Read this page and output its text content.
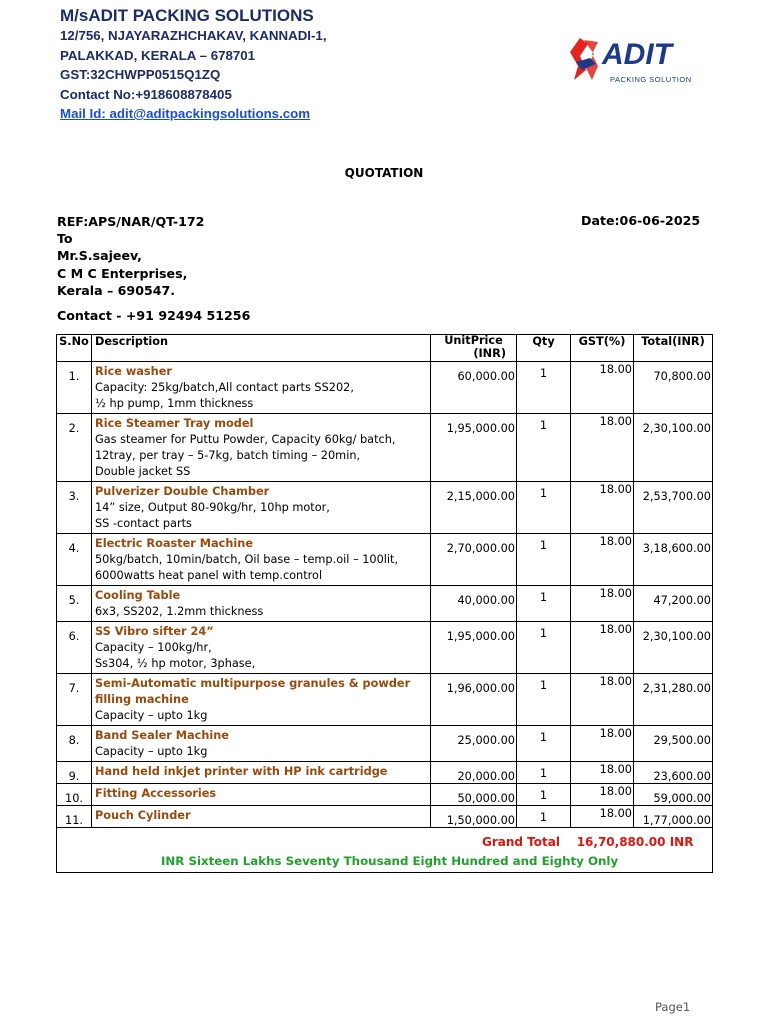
M/sADIT PACKING SOLUTIONS
12/756, NJAYARAZHCHAKAV, KANNADI-1,
PALAKKAD, KERALA – 678701
GST:32CHWPP0515Q1ZQ
Contact No:+918608878405
Mail Id: adit@aditpackingsolutions.com
ADIT
PACKING SOLUTION
QUOTATION
REF:APS/NAR/QT-172
To
Mr.S.sajeev,
C M C Enterprises,
Kerala – 690547.
Date:06-06-2025
Contact - +91 92494 51256
S.No	Description	UnitPrice
(INR)	Qty	GST(%)	Total(INR)
1.	Rice washer
Capacity: 25kg/batch,All contact parts SS202,
½ hp pump, 1mm thickness	60,000.00	1	18.00	70,800.00
2.	Rice Steamer Tray model
Gas steamer for Puttu Powder, Capacity 60kg/ batch,
12tray, per tray – 5-7kg, batch timing – 20min,
Double jacket SS	1,95,000.00	1	18.00	2,30,100.00
3.	Pulverizer Double Chamber
14” size, Output 80-90kg/hr, 10hp motor,
SS -contact parts	2,15,000.00	1	18.00	2,53,700.00
4.	Electric Roaster Machine
50kg/batch, 10min/batch, Oil base – temp.oil – 100lit,
6000watts heat panel with temp.control	2,70,000.00	1	18.00	3,18,600.00
5.	Cooling Table
6x3, SS202, 1.2mm thickness	40,000.00	1	18.00	47,200.00
6.	SS Vibro sifter 24”
Capacity – 100kg/hr,
Ss304, ½ hp motor, 3phase,	1,95,000.00	1	18.00	2,30,100.00
7.	Semi-Automatic multipurpose granules & powder filling machine
Capacity – upto 1kg	1,96,000.00	1	18.00	2,31,280.00
8.	Band Sealer Machine
Capacity – upto 1kg	25,000.00	1	18.00	29,500.00
9.	Hand held inkjet printer with HP ink cartridge	20,000.00	1	18.00	23,600.00
10.	Fitting Accessories	50,000.00	1	18.00	59,000.00
11.	Pouch Cylinder	1,50,000.00	1	18.00	1,77,000.00

Grand Total 16,70,880.00 INR
INR Sixteen Lakhs Seventy Thousand Eight Hundred and Eighty Only					
Page1
